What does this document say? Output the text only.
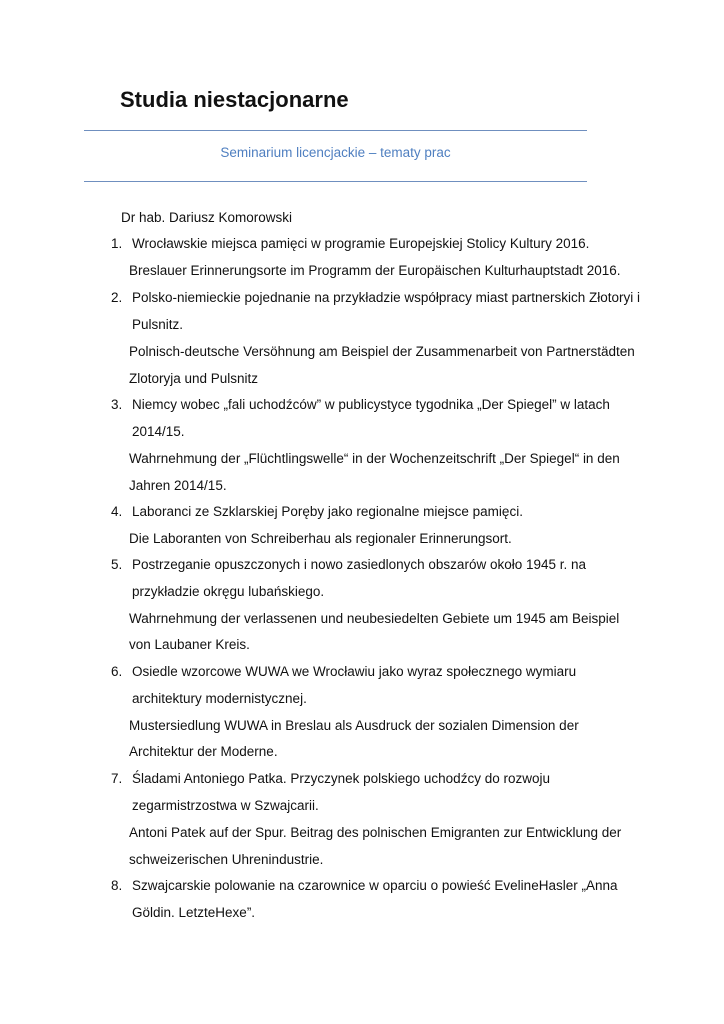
Studia niestacjonarne
Seminarium licencjackie – tematy prac
Dr hab. Dariusz Komorowski
1. Wrocławskie miejsca pamięci w programie Europejskiej Stolicy Kultury 2016.
Breslauer Erinnerungsorte im Programm der Europäischen Kulturhauptstadt 2016.
2. Polsko-niemieckie pojednanie na przykładzie współpracy miast partnerskich Złotoryi i
Pulsnitz.
Polnisch-deutsche Versöhnung am Beispiel der Zusammenarbeit von Partnerstädten
Zlotoryja und Pulsnitz
3. Niemcy wobec „fali uchodźców” w publicystyce tygodnika „Der Spiegel” w latach
2014/15.
Wahrnehmung der „Flüchtlingswelle“ in der Wochenzeitschrift „Der Spiegel“ in den
Jahren 2014/15.
4. Laboranci ze Szklarskiej Poręby jako regionalne miejsce pamięci.
Die Laboranten von Schreiberhau als regionaler Erinnerungsort.
5. Postrzeganie opuszczonych i nowo zasiedlonych obszarów około 1945 r. na
przykładzie okręgu lubańskiego.
Wahrnehmung der verlassenen und neubesiedelten Gebiete um 1945 am Beispiel
von Laubaner Kreis.
6. Osiedle wzorcowe WUWA we Wrocławiu jako wyraz społecznego wymiaru
architektury modernistycznej.
Mustersiedlung WUWA in Breslau als Ausdruck der sozialen Dimension der
Architektur der Moderne.
7. Śladami Antoniego Patka. Przyczynek polskiego uchodźcy do rozwoju
zegarmistrzostwa w Szwajcarii.
Antoni Patek auf der Spur. Beitrag des polnischen Emigranten zur Entwicklung der
schweizerischen Uhrenindustrie.
8. Szwajcarskie polowanie na czarownice w oparciu o powieść EvelineHasler „Anna
Göldin. LetzteHexe”.
